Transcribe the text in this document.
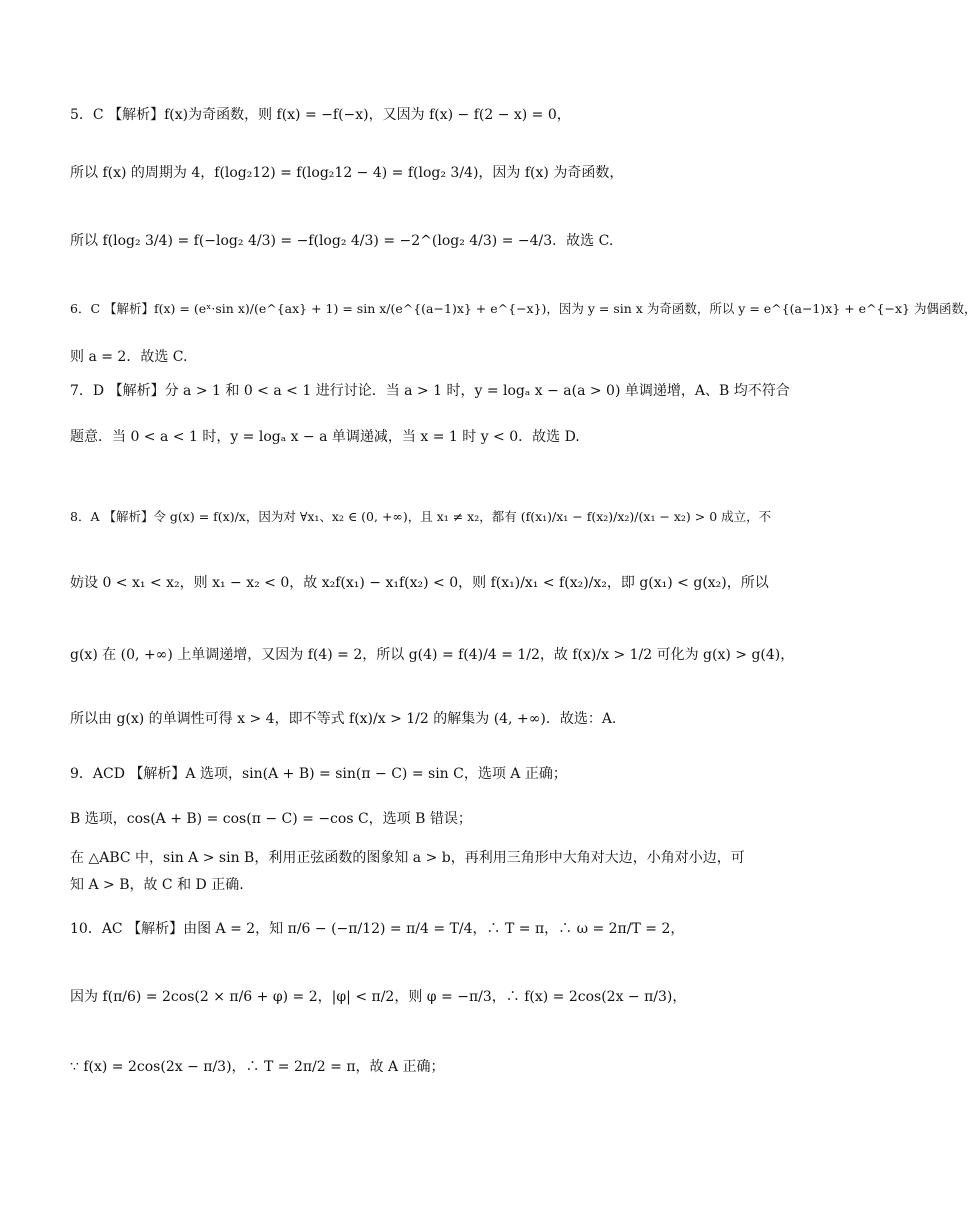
5．C 【解析】f(x)为奇函数，则 f(x) = −f(−x)，又因为 f(x) − f(2 − x) = 0，
所以 f(x) 的周期为 4，f(log₂12) = f(log₂12 − 4) = f(log₂ 3/4)，因为 f(x) 为奇函数，
所以 f(log₂ 3/4) = f(−log₂ 4/3) = −f(log₂ 4/3) = −2^(log₂ 4/3) = −4/3．故选 C.
6．C 【解析】f(x) = (eˣ·sin x)/(e^{ax} + 1) = sin x/(e^{(a−1)x} + e^{−x})，因为 y = sin x 为奇函数，所以 y = e^{(a−1)x} + e^{−x} 为偶函数，
则 a = 2．故选 C.
7．D 【解析】分 a > 1 和 0 < a < 1 进行讨论．当 a > 1 时，y = logₐ x − a(a > 0) 单调递增，A、B 均不符合
题意．当 0 < a < 1 时，y = logₐ x − a 单调递减，当 x = 1 时 y < 0．故选 D.
8．A 【解析】令 g(x) = f(x)/x，因为对 ∀x₁、x₂ ∈ (0, +∞)，且 x₁ ≠ x₂，都有 (f(x₁)/x₁ − f(x₂)/x₂)/(x₁ − x₂) > 0 成立，不
妨设 0 < x₁ < x₂，则 x₁ − x₂ < 0，故 x₂f(x₁) − x₁f(x₂) < 0，则 f(x₁)/x₁ < f(x₂)/x₂，即 g(x₁) < g(x₂)，所以
g(x) 在 (0, +∞) 上单调递增，又因为 f(4) = 2，所以 g(4) = f(4)/4 = 1/2，故 f(x)/x > 1/2 可化为 g(x) > g(4)，
所以由 g(x) 的单调性可得 x > 4，即不等式 f(x)/x > 1/2 的解集为 (4, +∞)．故选：A.
9．ACD 【解析】A 选项，sin(A + B) = sin(π − C) = sin C，选项 A 正确；
B 选项，cos(A + B) = cos(π − C) = −cos C，选项 B 错误；
在 △ABC 中，sin A > sin B，利用正弦函数的图象知 a > b，再利用三角形中大角对大边，小角对小边，可
知 A > B，故 C 和 D 正确.
10．AC 【解析】由图 A = 2，知 π/6 − (−π/12) = π/4 = T/4，∴ T = π，∴ ω = 2π/T = 2，
因为 f(π/6) = 2cos(2 × π/6 + φ) = 2，|φ| < π/2，则 φ = −π/3，∴ f(x) = 2cos(2x − π/3)，
∵ f(x) = 2cos(2x − π/3)，∴ T = 2π/2 = π，故 A 正确；
